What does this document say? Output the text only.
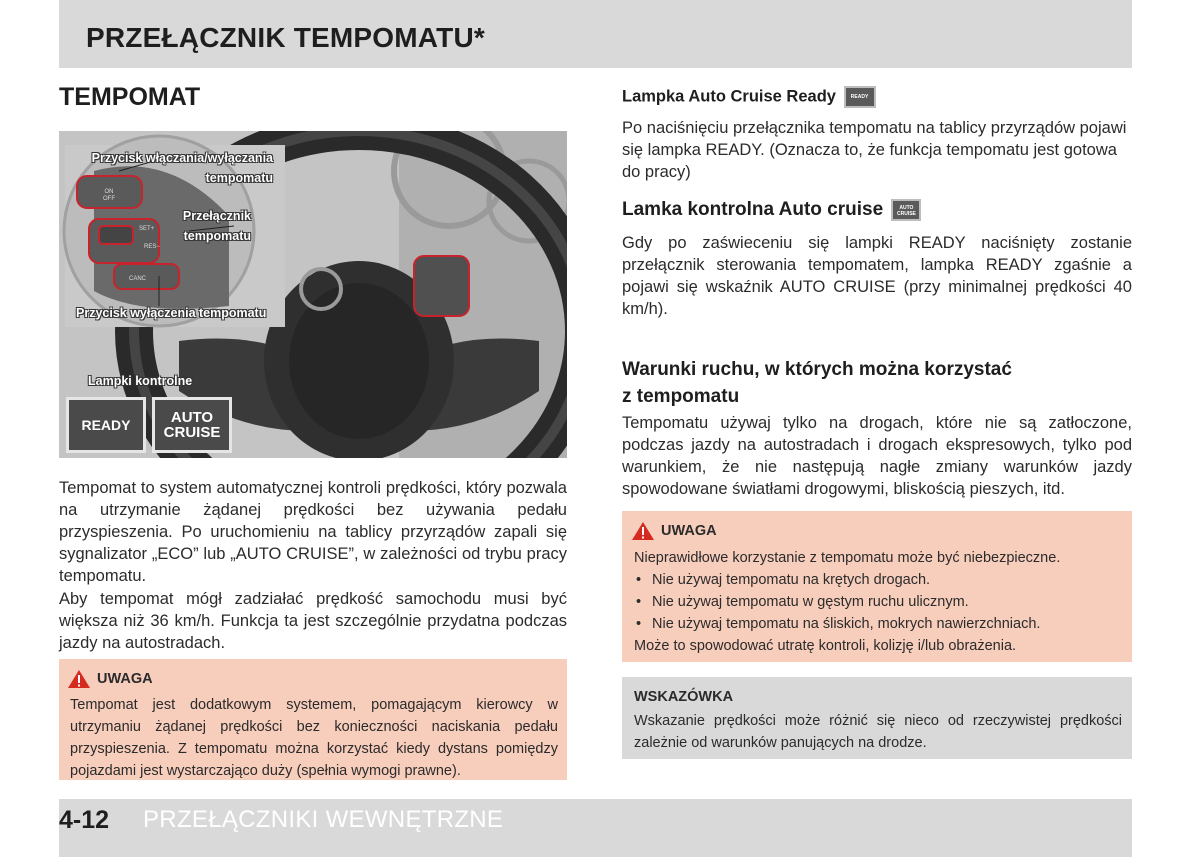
PRZEŁĄCZNIK TEMPOMATU*
TEMPOMAT
ON
OFF
SET+
RES−
CANC
Przycisk włączania/wyłączania
tempomatu
Przełącznik
tempomatu
Przycisk wyłączenia tempomatu
Lampki kontrolne
READY	AUTO
CRUISE
Tempomat to system automatycznej kontroli prędkości, który pozwala na utrzymanie żądanej prędkości bez używania pedału przyspieszenia. Po uruchomieniu na tablicy przyrządów zapali się sygnalizator „ECO” lub „AUTO CRUISE”, w zależności od trybu pracy tempomatu.
Aby tempomat mógł zadziałać prędkość samochodu musi być większa niż 36 km/h. Funkcja ta jest szczególnie przydatna podczas jazdy na autostradach.
UWAGA
Tempomat jest dodatkowym systemem, pomagającym kierowcy w utrzymaniu żądanej prędkości bez konieczności naciskania pedału przyspieszenia. Z tempomatu można korzystać kiedy dystans pomiędzy pojazdami jest wystarczająco duży (spełnia wymogi prawne).
Lampka Auto Cruise Ready	READY
Po naciśnięciu przełącznika tempomatu na tablicy przyrządów pojawi się lampka READY. (Oznacza to, że funkcja tempomatu jest gotowa do pracy)
Lamka kontrolna Auto cruise	AUTO CRUISE
Gdy po zaświeceniu się lampki READY naciśnięty zostanie przełącznik sterowania tempomatem, lampka READY zgaśnie a pojawi się wskaźnik AUTO CRUISE (przy minimalnej prędkości 40 km/h).
Warunki ruchu, w których można korzystać
z tempomatu
Tempomatu używaj tylko na drogach, które nie są zatłoczone, podczas jazdy na autostradach i drogach ekspresowych, tylko pod warunkiem, że nie następują nagłe zmiany warunków jazdy spowodowane światłami drogowymi, bliskością pieszych, itd.
UWAGA
Nieprawidłowe korzystanie z tempomatu może być niebezpieczne.
• Nie używaj tempomatu na krętych drogach.
• Nie używaj tempomatu w gęstym ruchu ulicznym.
• Nie używaj tempomatu na śliskich, mokrych nawierzchniach.
Może to spowodować utratę kontroli, kolizję i/lub obrażenia.
WSKAZÓWKA
Wskazanie prędkości może różnić się nieco od rzeczywistej prędkości zależnie od warunków panujących na drodze.
4-12 PRZEŁĄCZNIKI WEWNĘTRZNE
